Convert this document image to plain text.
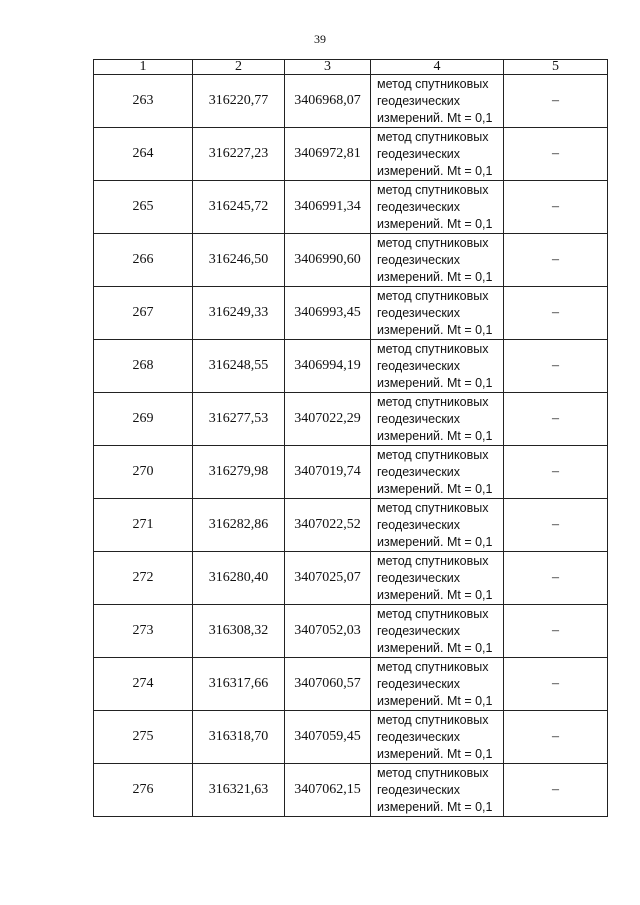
39
1	2	3	4	5
263	316220,77	3406968,07	метод спутниковых
геодезических
измерений. Mt = 0,1	–
264	316227,23	3406972,81	метод спутниковых
геодезических
измерений. Mt = 0,1	–
265	316245,72	3406991,34	метод спутниковых
геодезических
измерений. Mt = 0,1	–
266	316246,50	3406990,60	метод спутниковых
геодезических
измерений. Mt = 0,1	–
267	316249,33	3406993,45	метод спутниковых
геодезических
измерений. Mt = 0,1	–
268	316248,55	3406994,19	метод спутниковых
геодезических
измерений. Mt = 0,1	–
269	316277,53	3407022,29	метод спутниковых
геодезических
измерений. Mt = 0,1	–
270	316279,98	3407019,74	метод спутниковых
геодезических
измерений. Mt = 0,1	–
271	316282,86	3407022,52	метод спутниковых
геодезических
измерений. Mt = 0,1	–
272	316280,40	3407025,07	метод спутниковых
геодезических
измерений. Mt = 0,1	–
273	316308,32	3407052,03	метод спутниковых
геодезических
измерений. Mt = 0,1	–
274	316317,66	3407060,57	метод спутниковых
геодезических
измерений. Mt = 0,1	–
275	316318,70	3407059,45	метод спутниковых
геодезических
измерений. Mt = 0,1	–
276	316321,63	3407062,15	метод спутниковых
геодезических
измерений. Mt = 0,1	–
